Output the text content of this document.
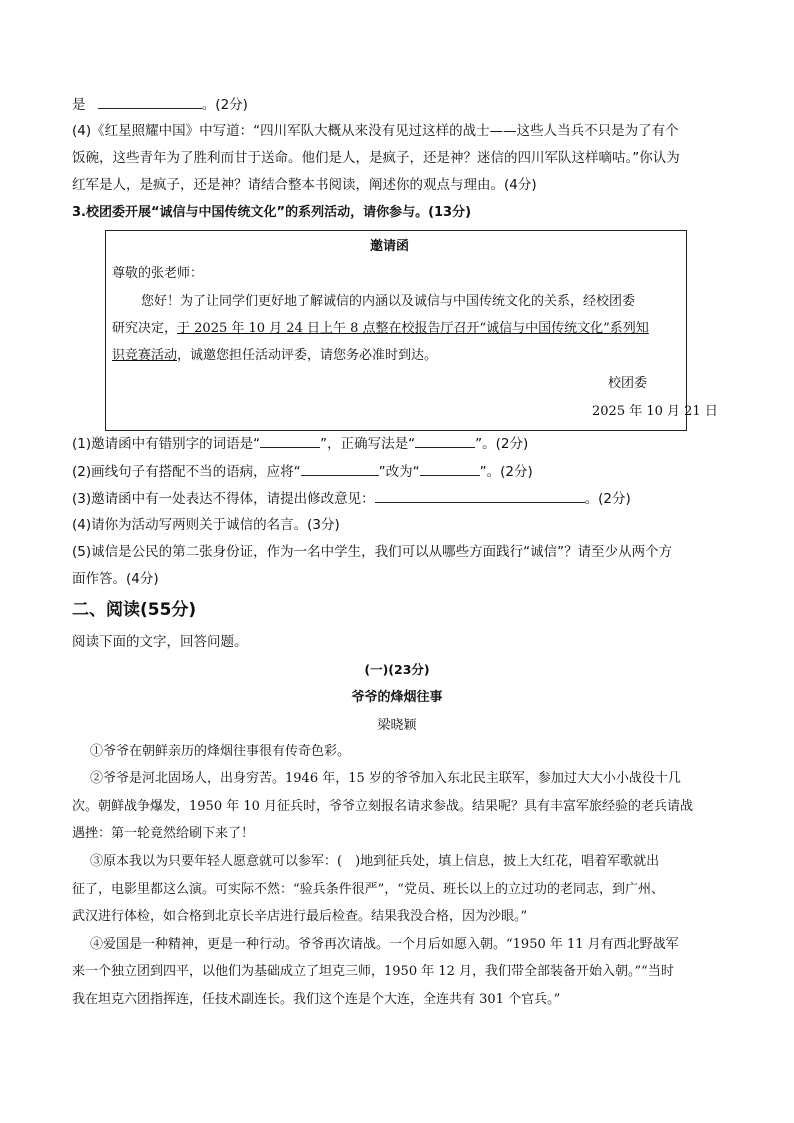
是	。(2分)
(4)《红星照耀中国》中写道：“四川军队大概从来没有见过这样的战士——这些人当兵不只是为了有个
饭碗，这些青年为了胜利而甘于送命。他们是人，是疯子，还是神？迷信的四川军队这样嘀咕。”你认为
红军是人，是疯子，还是神？请结合整本书阅读，阐述你的观点与理由。(4分)
3.校团委开展“诚信与中国传统文化”的系列活动，请你参与。(13分)
邀请函
尊敬的张老师：
您好！为了让同学们更好地了解诚信的内涵以及诚信与中国传统文化的关系，经校团委
研究决定，于 2025 年 10 月 24 日上午 8 点整在校报告厅召开“诚信与中国传统文化”系列知
识竞赛活动，诚邀您担任活动评委，请您务必准时到达。
校团委
2025 年 10 月 21 日
(1)邀请函中有错别字的词语是“	”，正确写法是“	”。(2分)
(2)画线句子有搭配不当的语病，应将“	”改为“	”。(2分)
(3)邀请函中有一处表达不得体，请提出修改意见：	。(2分)
(4)请你为活动写两则关于诚信的名言。(3分)
(5)诚信是公民的第二张身份证，作为一名中学生，我们可以从哪些方面践行“诚信”？请至少从两个方
面作答。(4分)
二、阅读(55分)
阅读下面的文字，回答问题。
(一)(23分)
爷爷的烽烟往事
梁晓颖
①爷爷在朝鲜亲历的烽烟往事很有传奇色彩。
②爷爷是河北固场人，出身穷苦。1946 年，15 岁的爷爷加入东北民主联军，参加过大大小小战役十几
次。朝鲜战争爆发，1950 年 10 月征兵时，爷爷立刻报名请求参战。结果呢？具有丰富军旅经验的老兵请战
遇挫：第一轮竟然给刷下来了！
③原本我以为只要年轻人愿意就可以参军：(　)地到征兵处，填上信息，披上大红花，唱着军歌就出
征了，电影里都这么演。可实际不然：“验兵条件很严”，“党员、班长以上的立过功的老同志，到广州、
武汉进行体检，如合格到北京长辛店进行最后检查。结果我没合格，因为沙眼。”
④爱国是一种精神，更是一种行动。爷爷再次请战。一个月后如愿入朝。“1950 年 11 月有西北野战军
来一个独立团到四平，以他们为基础成立了坦克三师，1950 年 12 月，我们带全部装备开始入朝。”“当时
我在坦克六团指挥连，任技术副连长。我们这个连是个大连，全连共有 301 个官兵。”
